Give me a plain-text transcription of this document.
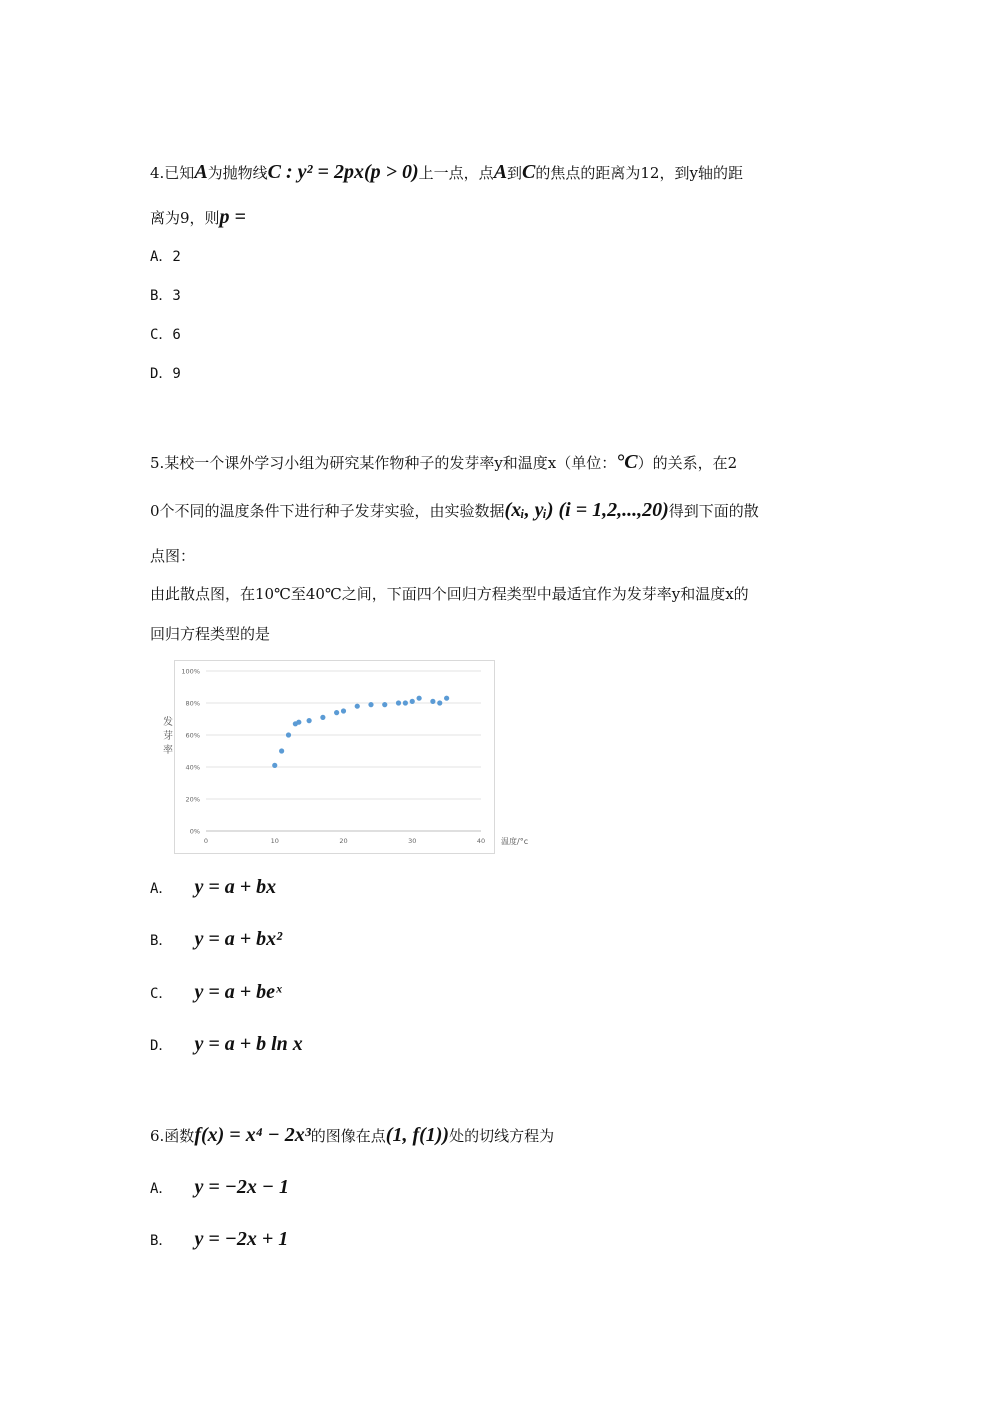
4.已知A为抛物线C : y² = 2px(p > 0)上一点，点A到C的焦点的距离为12，到y轴的距
离为9，则p =
A．2
B．3
C．6
D．9
5.某校一个课外学习小组为研究某作物种子的发芽率y和温度x（单位：°C）的关系，在2
0个不同的温度条件下进行种子发芽实验，由实验数据(xᵢ, yᵢ) (i = 1,2,...,20)得到下面的散
点图：
由此散点图，在10℃至40℃之间，下面四个回归方程类型中最适宜作为发芽率y和温度x的
回归方程类型的是
0%
20%
40%
60%
80%
100%
0	10	20	30	40
发芽率
温度/°c
A． y = a + bx
B． y = a + bx²
C． y = a + beˣ
D． y = a + b ln x
6.函数f(x) = x⁴ − 2x³的图像在点(1, f(1))处的切线方程为
A． y = −2x − 1
B． y = −2x + 1
